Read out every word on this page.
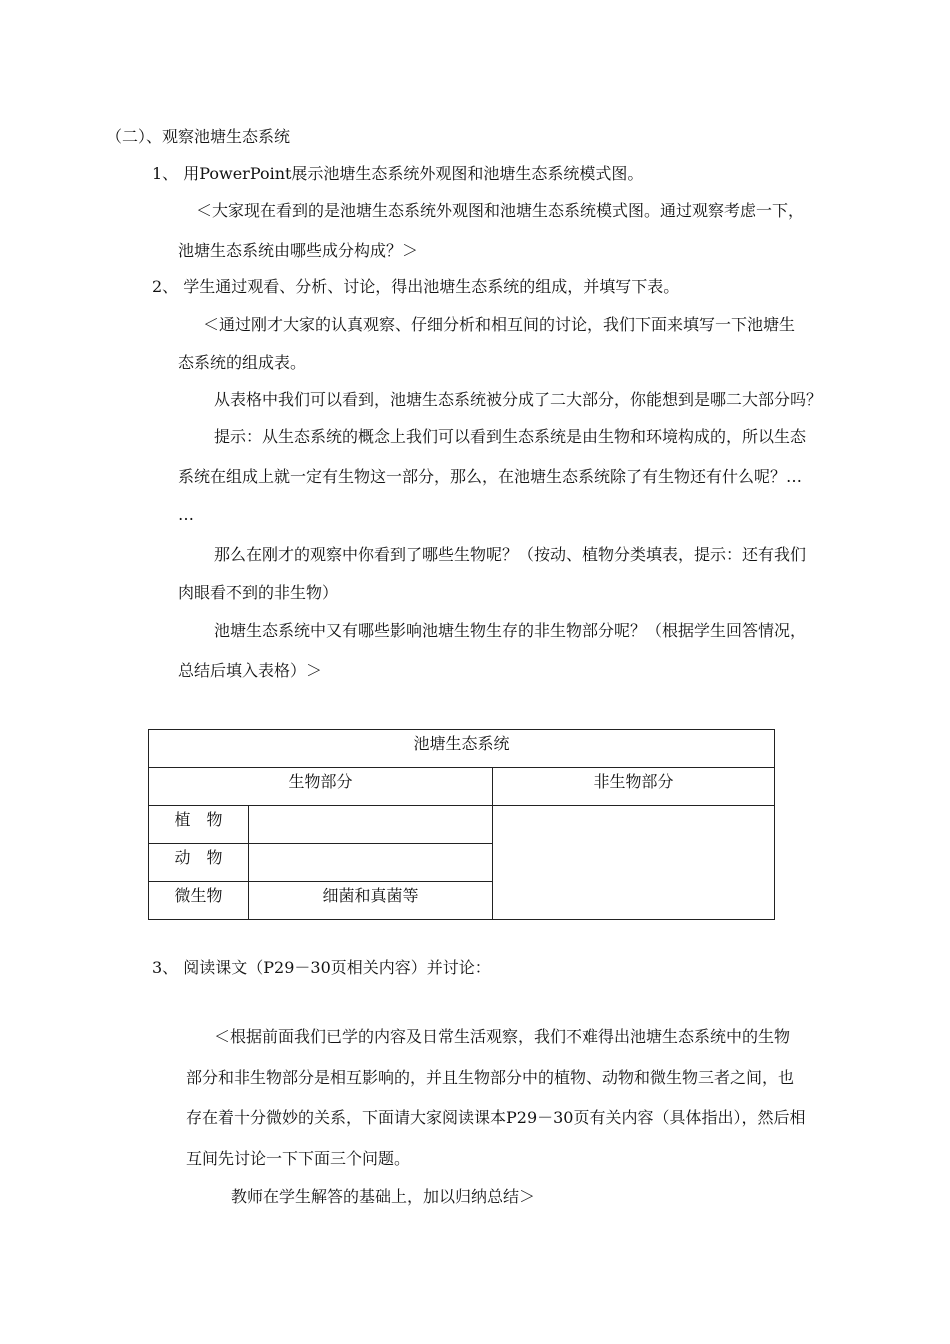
（二）、观察池塘生态系统
1、 用PowerPoint展示池塘生态系统外观图和池塘生态系统模式图。
＜大家现在看到的是池塘生态系统外观图和池塘生态系统模式图。通过观察考虑一下，
池塘生态系统由哪些成分构成？＞
2、 学生通过观看、分析、讨论，得出池塘生态系统的组成，并填写下表。
＜通过刚才大家的认真观察、仔细分析和相互间的讨论，我们下面来填写一下池塘生
态系统的组成表。
从表格中我们可以看到，池塘生态系统被分成了二大部分，你能想到是哪二大部分吗？
提示：从生态系统的概念上我们可以看到生态系统是由生物和环境构成的，所以生态
系统在组成上就一定有生物这一部分，那么，在池塘生态系统除了有生物还有什么呢？…
…
那么在刚才的观察中你看到了哪些生物呢？（按动、植物分类填表，提示：还有我们
肉眼看不到的非生物）
池塘生态系统中又有哪些影响池塘生物生存的非生物部分呢？（根据学生回答情况，
总结后填入表格）＞
池塘生态系统		
生物部分		非生物部分
植　物		
动　物		
微生物	细菌和真菌等	
3、 阅读课文（P29－30页相关内容）并讨论：
＜根据前面我们已学的内容及日常生活观察，我们不难得出池塘生态系统中的生物
部分和非生物部分是相互影响的，并且生物部分中的植物、动物和微生物三者之间，也
存在着十分微妙的关系，下面请大家阅读课本P29－30页有关内容（具体指出），然后相
互间先讨论一下下面三个问题。
教师在学生解答的基础上，加以归纳总结＞
